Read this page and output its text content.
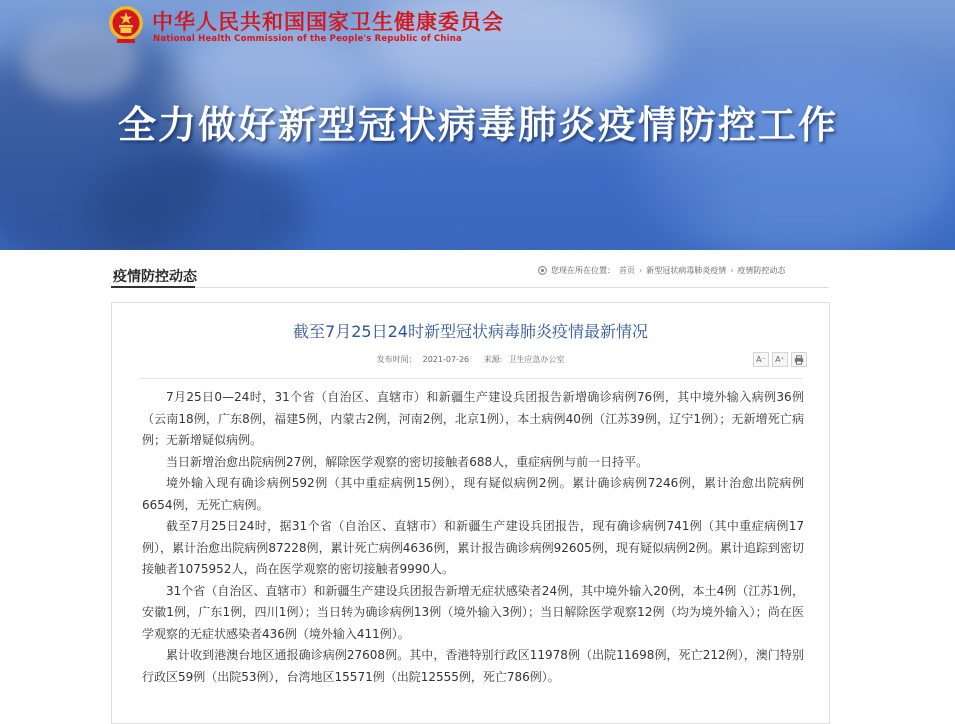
中华人民共和国国家卫生健康委员会
National Health Commission of the People's Republic of China
全力做好新型冠状病毒肺炎疫情防控工作
疫情防控动态	您现在所在位置： 首页 › 新型冠状病毒肺炎疫情 › 疫情防控动态
截至7月25日24时新型冠状病毒肺炎疫情最新情况
发布时间： 2021-07-26 来源: 卫生应急办公室	A⁻	A⁺

7月25日0—24时，31个省（自治区、直辖市）和新疆生产建设兵团报告新增确诊病例76例，其中境外输入病例36例（云南18例，广东8例，福建5例，内蒙古2例，河南2例，北京1例），本土病例40例（江苏39例，辽宁1例）；无新增死亡病例；无新增疑似病例。

当日新增治愈出院病例27例，解除医学观察的密切接触者688人，重症病例与前一日持平。

境外输入现有确诊病例592例（其中重症病例15例），现有疑似病例2例。累计确诊病例7246例，累计治愈出院病例6654例，无死亡病例。

截至7月25日24时，据31个省（自治区、直辖市）和新疆生产建设兵团报告，现有确诊病例741例（其中重症病例17例），累计治愈出院病例87228例，累计死亡病例4636例，累计报告确诊病例92605例，现有疑似病例2例。累计追踪到密切接触者1075952人，尚在医学观察的密切接触者9990人。

31个省（自治区、直辖市）和新疆生产建设兵团报告新增无症状感染者24例，其中境外输入20例，本土4例（江苏1例，安徽1例，广东1例，四川1例）；当日转为确诊病例13例（境外输入3例）；当日解除医学观察12例（均为境外输入）；尚在医学观察的无症状感染者436例（境外输入411例）。

累计收到港澳台地区通报确诊病例27608例。其中，香港特别行政区11978例（出院11698例，死亡212例），澳门特别行政区59例（出院53例），台湾地区15571例（出院12555例，死亡786例）。
